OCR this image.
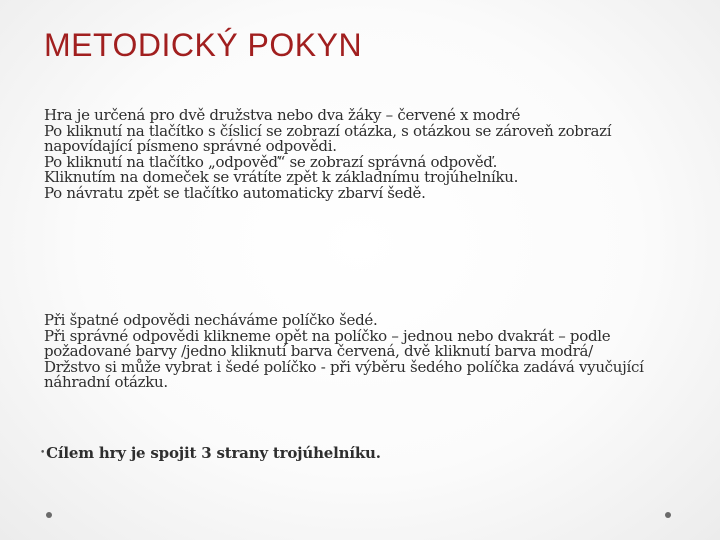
METODICKÝ POKYN
Hra je určená pro dvě družstva nebo dva žáky – červené x modré
Po kliknutí na tlačítko s číslicí se zobrazí otázka, s otázkou se zároveň zobrazí napovídající písmeno správné odpovědi.
Po kliknutí na tlačítko „odpověď“ se zobrazí správná odpověď.
Kliknutím na domeček se vrátíte zpět k základnímu trojúhelníku.
Po návratu zpět se tlačítko automaticky zbarví šedě.
Při špatné odpovědi necháváme políčko šedé.
Při správné odpovědi klikneme opět na políčko – jednou nebo dvakrát – podle požadované barvy /jedno kliknutí barva červená, dvě kliknutí barva modrá/
Držstvo si může vybrat i šedé políčko - při výběru šedého políčka zadává vyučující náhradní otázku.
•Cílem hry je spojit 3 strany trojúhelníku.
